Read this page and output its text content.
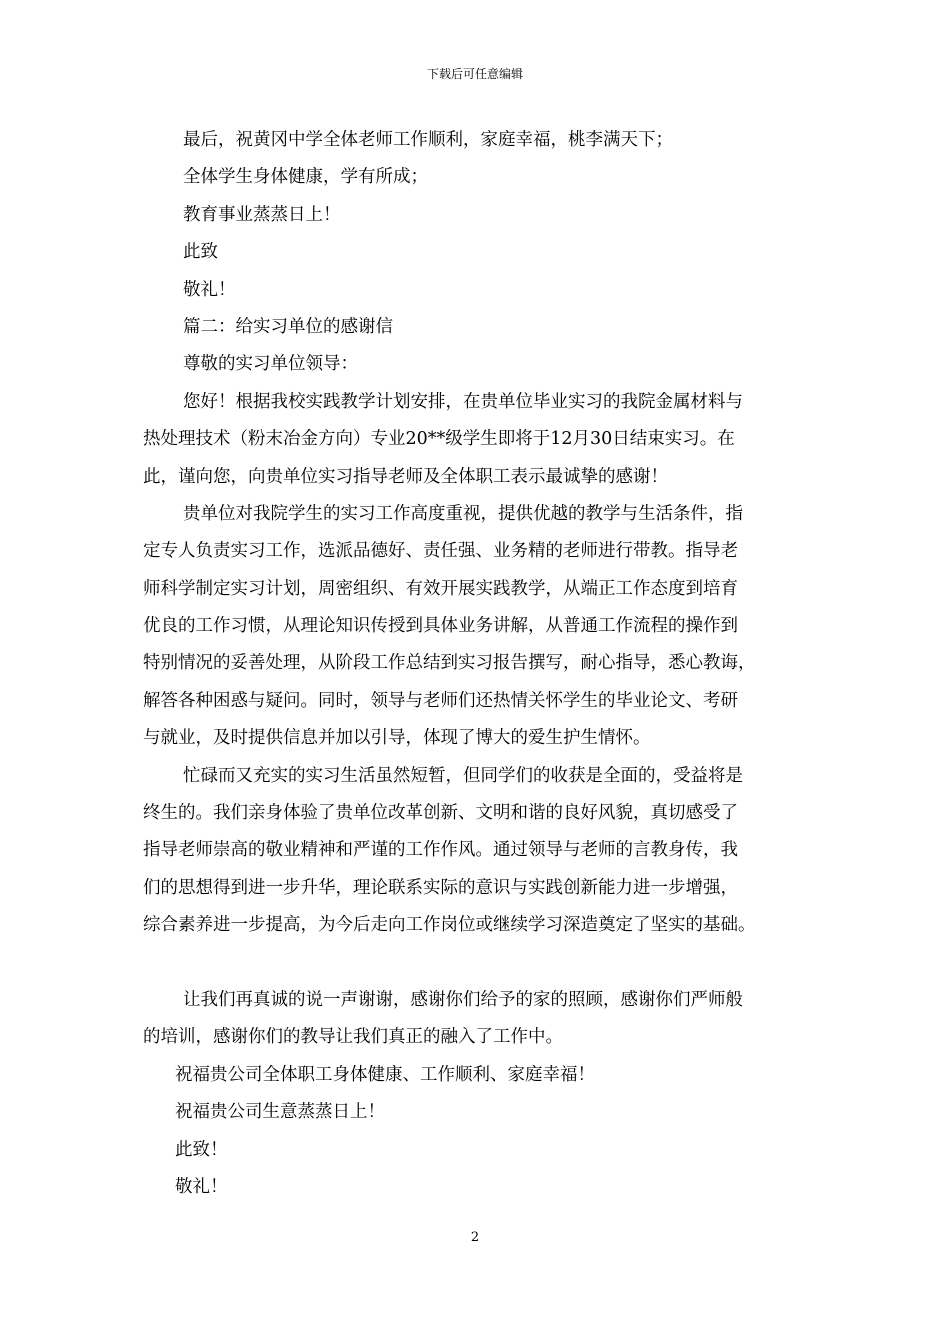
下载后可任意编辑
最后，祝黄冈中学全体老师工作顺利，家庭幸福，桃李满天下；
全体学生身体健康，学有所成；
教育事业蒸蒸日上！
此致
敬礼！
篇二：给实习单位的感谢信
尊敬的实习单位领导：
您好！根据我校实践教学计划安排，在贵单位毕业实习的我院金属材料与
热处理技术（粉末冶金方向）专业20**级学生即将于12月30日结束实习。在
此，谨向您，向贵单位实习指导老师及全体职工表示最诚挚的感谢！
贵单位对我院学生的实习工作高度重视，提供优越的教学与生活条件，指
定专人负责实习工作，选派品德好、责任强、业务精的老师进行带教。指导老
师科学制定实习计划，周密组织、有效开展实践教学，从端正工作态度到培育
优良的工作习惯，从理论知识传授到具体业务讲解，从普通工作流程的操作到
特别情况的妥善处理，从阶段工作总结到实习报告撰写，耐心指导，悉心教诲，
解答各种困惑与疑问。同时，领导与老师们还热情关怀学生的毕业论文、考研
与就业，及时提供信息并加以引导，体现了博大的爱生护生情怀。
忙碌而又充实的实习生活虽然短暂，但同学们的收获是全面的，受益将是
终生的。我们亲身体验了贵单位改革创新、文明和谐的良好风貌，真切感受了
指导老师崇高的敬业精神和严谨的工作作风。通过领导与老师的言教身传，我
们的思想得到进一步升华，理论联系实际的意识与实践创新能力进一步增强，
综合素养进一步提高，为今后走向工作岗位或继续学习深造奠定了坚实的基础。
让我们再真诚的说一声谢谢，感谢你们给予的家的照顾，感谢你们严师般
的培训，感谢你们的教导让我们真正的融入了工作中。
祝福贵公司全体职工身体健康、工作顺利、家庭幸福！
祝福贵公司生意蒸蒸日上！
此致！
敬礼！
2
